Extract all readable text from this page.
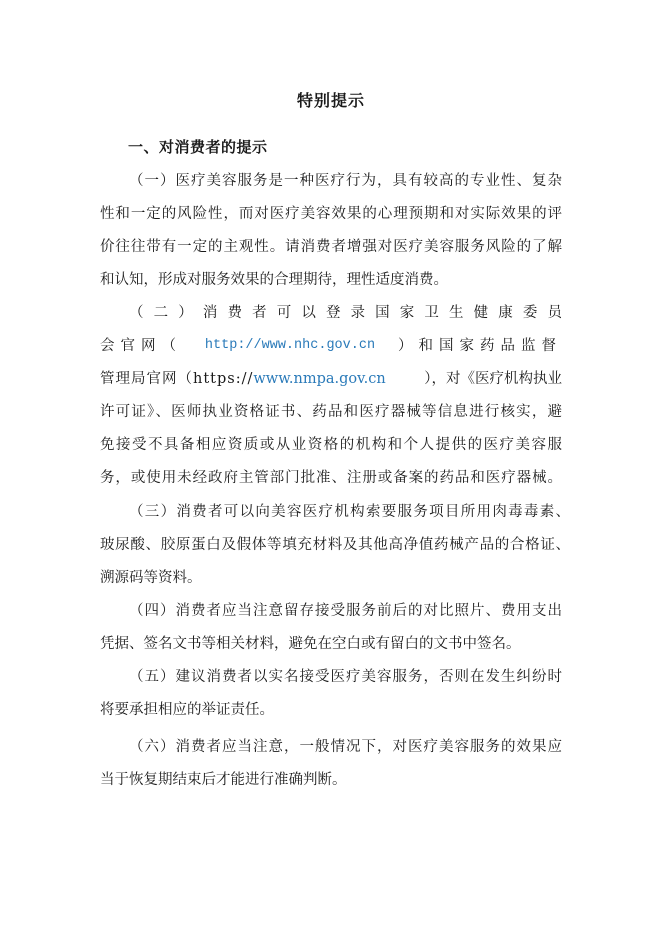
特别提示
一、对消费者的提示
（一）医疗美容服务是一种医疗行为，具有较高的专业性、复杂
性和一定的风险性，而对医疗美容效果的心理预期和对实际效果的评
价往往带有一定的主观性。请消费者增强对医疗美容服务风险的了解
和认知，形成对服务效果的合理期待，理性适度消费。
（二）消费者可以登录国家卫生健康委员
会官网（ http://www.nhc.gov.cn ）和国家药品监督
管理局官网（https://www.nmpa.gov.cn	），对《医疗机构执业
许可证》、医师执业资格证书、药品和医疗器械等信息进行核实，避
免接受不具备相应资质或从业资格的机构和个人提供的医疗美容服
务，或使用未经政府主管部门批准、注册或备案的药品和医疗器械。
（三）消费者可以向美容医疗机构索要服务项目所用肉毒毒素、
玻尿酸、胶原蛋白及假体等填充材料及其他高净值药械产品的合格证、
溯源码等资料。
（四）消费者应当注意留存接受服务前后的对比照片、费用支出
凭据、签名文书等相关材料，避免在空白或有留白的文书中签名。
（五）建议消费者以实名接受医疗美容服务，否则在发生纠纷时
将要承担相应的举证责任。
（六）消费者应当注意，一般情况下，对医疗美容服务的效果应
当于恢复期结束后才能进行准确判断。
